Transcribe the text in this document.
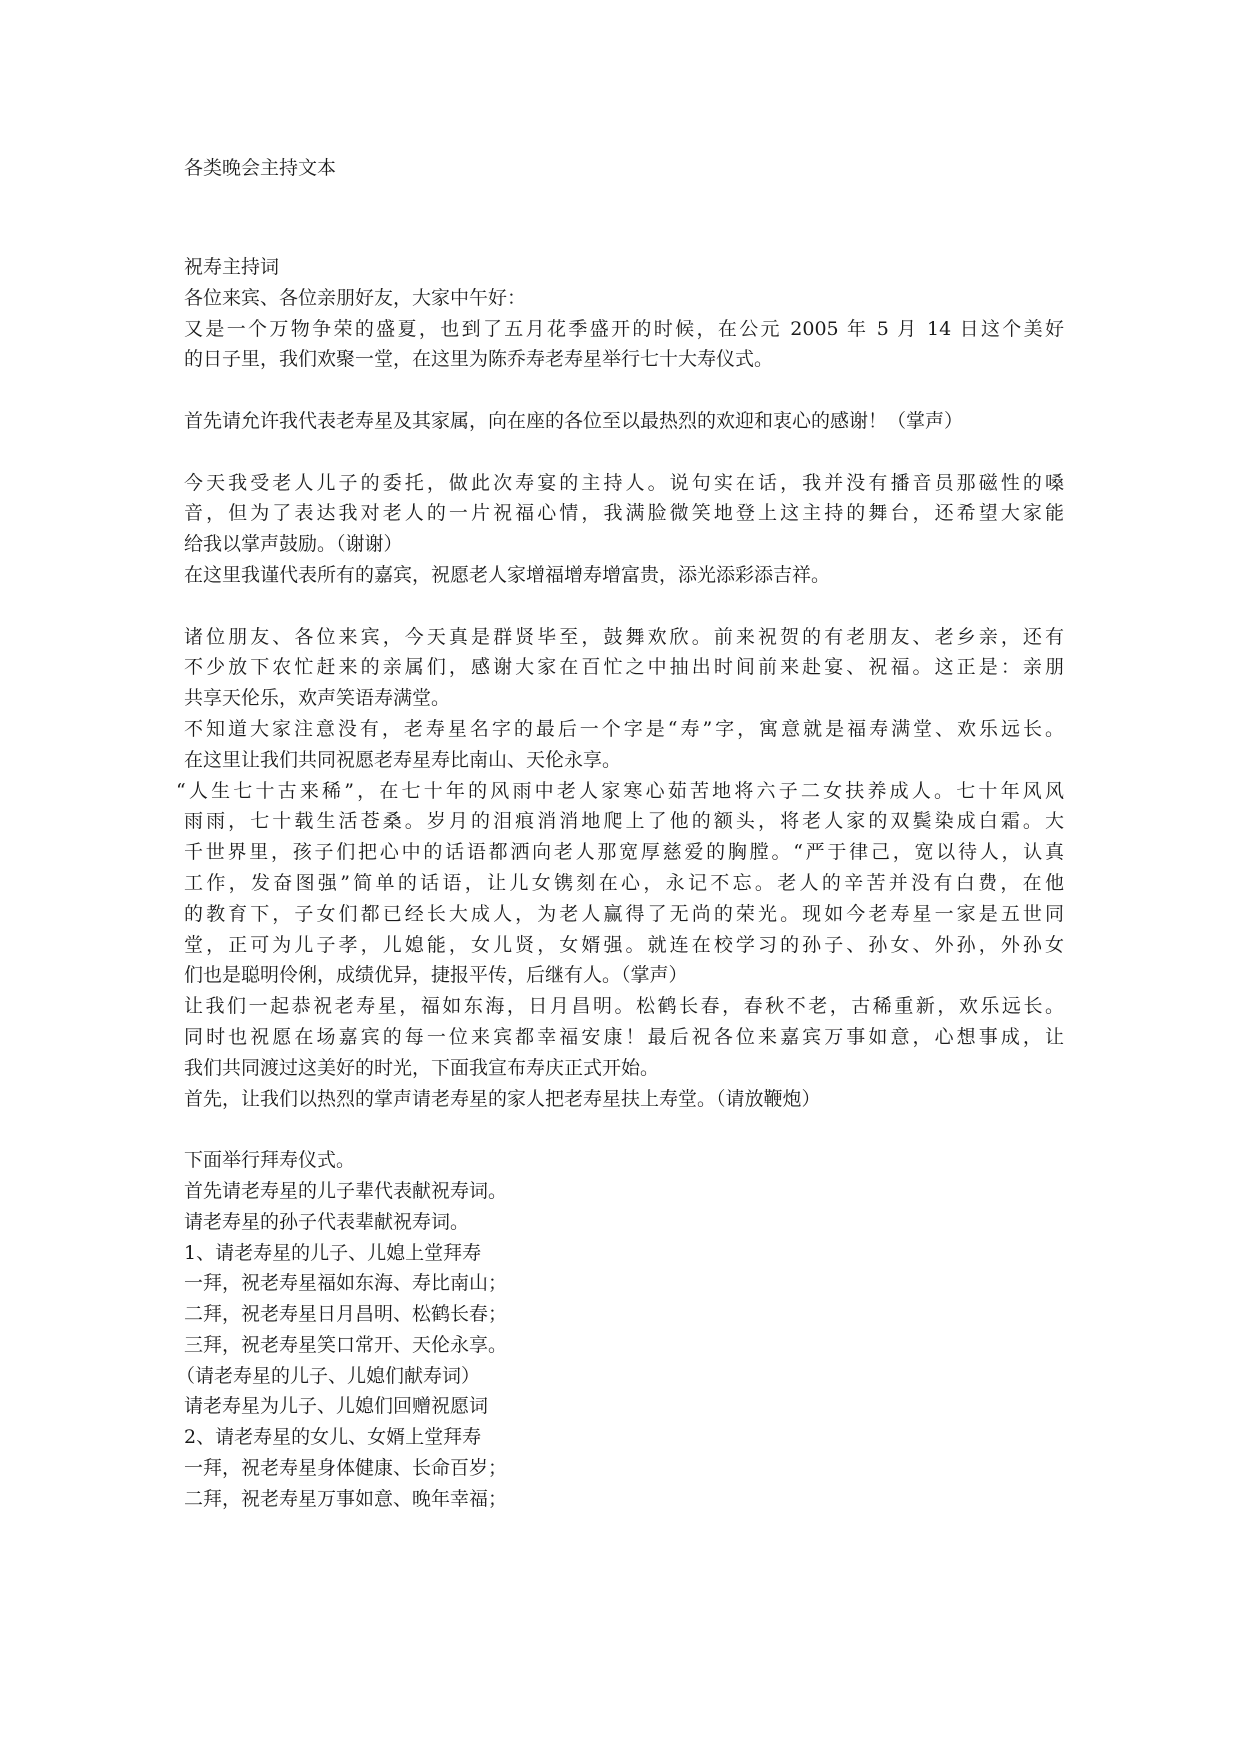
各类晚会主持文本
祝寿主持词
各位来宾、各位亲朋好友，大家中午好：
又是一个万物争荣的盛夏，也到了五月花季盛开的时候，在公元 2005 年 5 月 14 日这个美好
的日子里，我们欢聚一堂，在这里为陈乔寿老寿星举行七十大寿仪式。
首先请允许我代表老寿星及其家属，向在座的各位至以最热烈的欢迎和衷心的感谢！（掌声）
今天我受老人儿子的委托，做此次寿宴的主持人。说句实在话，我并没有播音员那磁性的嗓
音，但为了表达我对老人的一片祝福心情，我满脸微笑地登上这主持的舞台，还希望大家能
给我以掌声鼓励。（谢谢）
在这里我谨代表所有的嘉宾，祝愿老人家增福增寿增富贵，添光添彩添吉祥。
诸位朋友、各位来宾，今天真是群贤毕至，鼓舞欢欣。前来祝贺的有老朋友、老乡亲，还有
不少放下农忙赶来的亲属们，感谢大家在百忙之中抽出时间前来赴宴、祝福。这正是：亲朋
共享天伦乐，欢声笑语寿满堂。
不知道大家注意没有，老寿星名字的最后一个字是“寿”字，寓意就是福寿满堂、欢乐远长。
在这里让我们共同祝愿老寿星寿比南山、天伦永享。
“人生七十古来稀”，在七十年的风雨中老人家寒心茹苦地将六子二女扶养成人。七十年风风
雨雨，七十载生活苍桑。岁月的泪痕消消地爬上了他的额头，将老人家的双鬓染成白霜。大
千世界里，孩子们把心中的话语都洒向老人那宽厚慈爱的胸膛。“严于律己，宽以待人，认真
工作，发奋图强”简单的话语，让儿女镌刻在心，永记不忘。老人的辛苦并没有白费，在他
的教育下，子女们都已经长大成人，为老人赢得了无尚的荣光。现如今老寿星一家是五世同
堂，正可为儿子孝，儿媳能，女儿贤，女婿强。就连在校学习的孙子、孙女、外孙，外孙女
们也是聪明伶俐，成绩优异，捷报平传，后继有人。（掌声）
让我们一起恭祝老寿星，福如东海，日月昌明。松鹤长春，春秋不老，古稀重新，欢乐远长。
同时也祝愿在场嘉宾的每一位来宾都幸福安康！最后祝各位来嘉宾万事如意，心想事成，让
我们共同渡过这美好的时光，下面我宣布寿庆正式开始。
首先，让我们以热烈的掌声请老寿星的家人把老寿星扶上寿堂。（请放鞭炮）
下面举行拜寿仪式。
首先请老寿星的儿子辈代表献祝寿词。
请老寿星的孙子代表辈献祝寿词。
1、请老寿星的儿子、儿媳上堂拜寿
一拜，祝老寿星福如东海、寿比南山；
二拜，祝老寿星日月昌明、松鹤长春；
三拜，祝老寿星笑口常开、天伦永享。
（请老寿星的儿子、儿媳们献寿词）
请老寿星为儿子、儿媳们回赠祝愿词
2、请老寿星的女儿、女婿上堂拜寿
一拜，祝老寿星身体健康、长命百岁；
二拜，祝老寿星万事如意、晚年幸福；
